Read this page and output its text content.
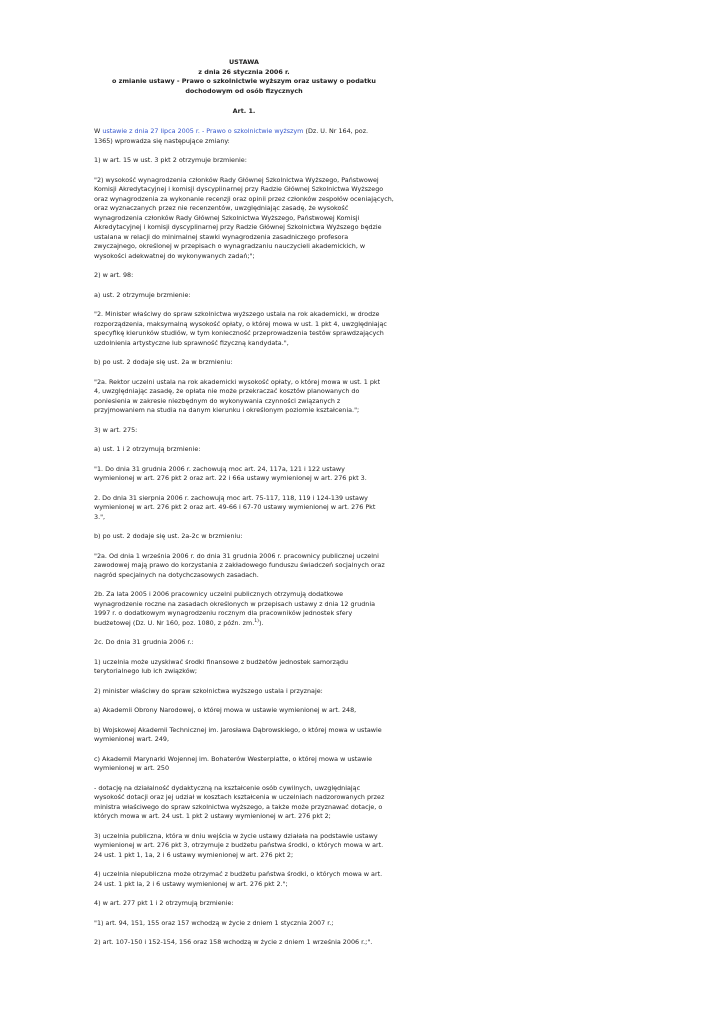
USTAWA
z dnia 26 stycznia 2006 r.
o zmianie ustawy - Prawo o szkolnictwie wyższym oraz ustawy o podatku
dochodowym od osób fizycznych
Art. 1.
W ustawie z dnia 27 lipca 2005 r. - Prawo o szkolnictwie wyższym (Dz. U. Nr 164, poz.
1365) wprowadza się następujące zmiany:
1) w art. 15 w ust. 3 pkt 2 otrzymuje brzmienie:
"2) wysokość wynagrodzenia członków Rady Głównej Szkolnictwa Wyższego, Państwowej
Komisji Akredytacyjnej i komisji dyscyplinarnej przy Radzie Głównej Szkolnictwa Wyższego
oraz wynagrodzenia za wykonanie recenzji oraz opinii przez członków zespołów oceniających,
oraz wyznaczanych przez nie recenzentów, uwzględniając zasadę, że wysokość
wynagrodzenia członków Rady Głównej Szkolnictwa Wyższego, Państwowej Komisji
Akredytacyjnej i komisji dyscyplinarnej przy Radzie Głównej Szkolnictwa Wyższego będzie
ustalana w relacji do minimalnej stawki wynagrodzenia zasadniczego profesora
zwyczajnego, określonej w przepisach o wynagradzaniu nauczycieli akademickich, w
wysokości adekwatnej do wykonywanych zadań;";
2) w art. 98:
a) ust. 2 otrzymuje brzmienie:
"2. Minister właściwy do spraw szkolnictwa wyższego ustala na rok akademicki, w drodze
rozporządzenia, maksymalną wysokość opłaty, o której mowa w ust. 1 pkt 4, uwzględniając
specyfikę kierunków studiów, w tym konieczność przeprowadzenia testów sprawdzających
uzdolnienia artystyczne lub sprawność fizyczną kandydata.",
b) po ust. 2 dodaje się ust. 2a w brzmieniu:
"2a. Rektor uczelni ustala na rok akademicki wysokość opłaty, o której mowa w ust. 1 pkt
4, uwzględniając zasadę, że opłata nie może przekraczać kosztów planowanych do
poniesienia w zakresie niezbędnym do wykonywania czynności związanych z
przyjmowaniem na studia na danym kierunku i określonym poziomie kształcenia.";
3) w art. 275:
a) ust. 1 i 2 otrzymują brzmienie:
"1. Do dnia 31 grudnia 2006 r. zachowują moc art. 24, 117a, 121 i 122 ustawy
wymienionej w art. 276 pkt 2 oraz art. 22 i 66a ustawy wymienionej w art. 276 pkt 3.
2. Do dnia 31 sierpnia 2006 r. zachowują moc art. 75-117, 118, 119 i 124-139 ustawy
wymienionej w art. 276 pkt 2 oraz art. 49-66 i 67-70 ustawy wymienionej w art. 276 Pkt
3.",
b) po ust. 2 dodaje się ust. 2a-2c w brzmieniu:
"2a. Od dnia 1 września 2006 r. do dnia 31 grudnia 2006 r. pracownicy publicznej uczelni
zawodowej mają prawo do korzystania z zakładowego funduszu świadczeń socjalnych oraz
nagród specjalnych na dotychczasowych zasadach.
2b. Za lata 2005 i 2006 pracownicy uczelni publicznych otrzymują dodatkowe
wynagrodzenie roczne na zasadach określonych w przepisach ustawy z dnia 12 grudnia
1997 r. o dodatkowym wynagrodzeniu rocznym dla pracowników jednostek sfery
budżetowej (Dz. U. Nr 160, poz. 1080, z późn. zm.$^{1)}$).
2c. Do dnia 31 grudnia 2006 r.:
1) uczelnia może uzyskiwać środki finansowe z budżetów jednostek samorządu
terytorialnego lub ich związków;
2) minister właściwy do spraw szkolnictwa wyższego ustala i przyznaje:
a) Akademii Obrony Narodowej, o której mowa w ustawie wymienionej w art. 248,
b) Wojskowej Akademii Technicznej im. Jarosława Dąbrowskiego, o której mowa w ustawie
wymienionej wart. 249,
c) Akademii Marynarki Wojennej im. Bohaterów Westerplatte, o której mowa w ustawie
wymienionej w art. 250
- dotację na działalność dydaktyczną na kształcenie osób cywilnych, uwzględniając
wysokość dotacji oraz jej udział w kosztach kształcenia w uczelniach nadzorowanych przez
ministra właściwego do spraw szkolnictwa wyższego, a także może przyznawać dotacje, o
których mowa w art. 24 ust. 1 pkt 2 ustawy wymienionej w art. 276 pkt 2;
3) uczelnia publiczna, która w dniu wejścia w życie ustawy działała na podstawie ustawy
wymienionej w art. 276 pkt 3, otrzymuje z budżetu państwa środki, o których mowa w art.
24 ust. 1 pkt 1, 1a, 2 i 6 ustawy wymienionej w art. 276 pkt 2;
4) uczelnia niepubliczna może otrzymać z budżetu państwa środki, o których mowa w art.
24 ust. 1 pkt la, 2 i 6 ustawy wymienionej w art. 276 pkt 2.";
4) w art. 277 pkt 1 i 2 otrzymują brzmienie:
"1) art. 94, 151, 155 oraz 157 wchodzą w życie z dniem 1 stycznia 2007 r.;
2) art. 107-150 i 152-154, 156 oraz 158 wchodzą w życie z dniem 1 września 2006 r.;".
